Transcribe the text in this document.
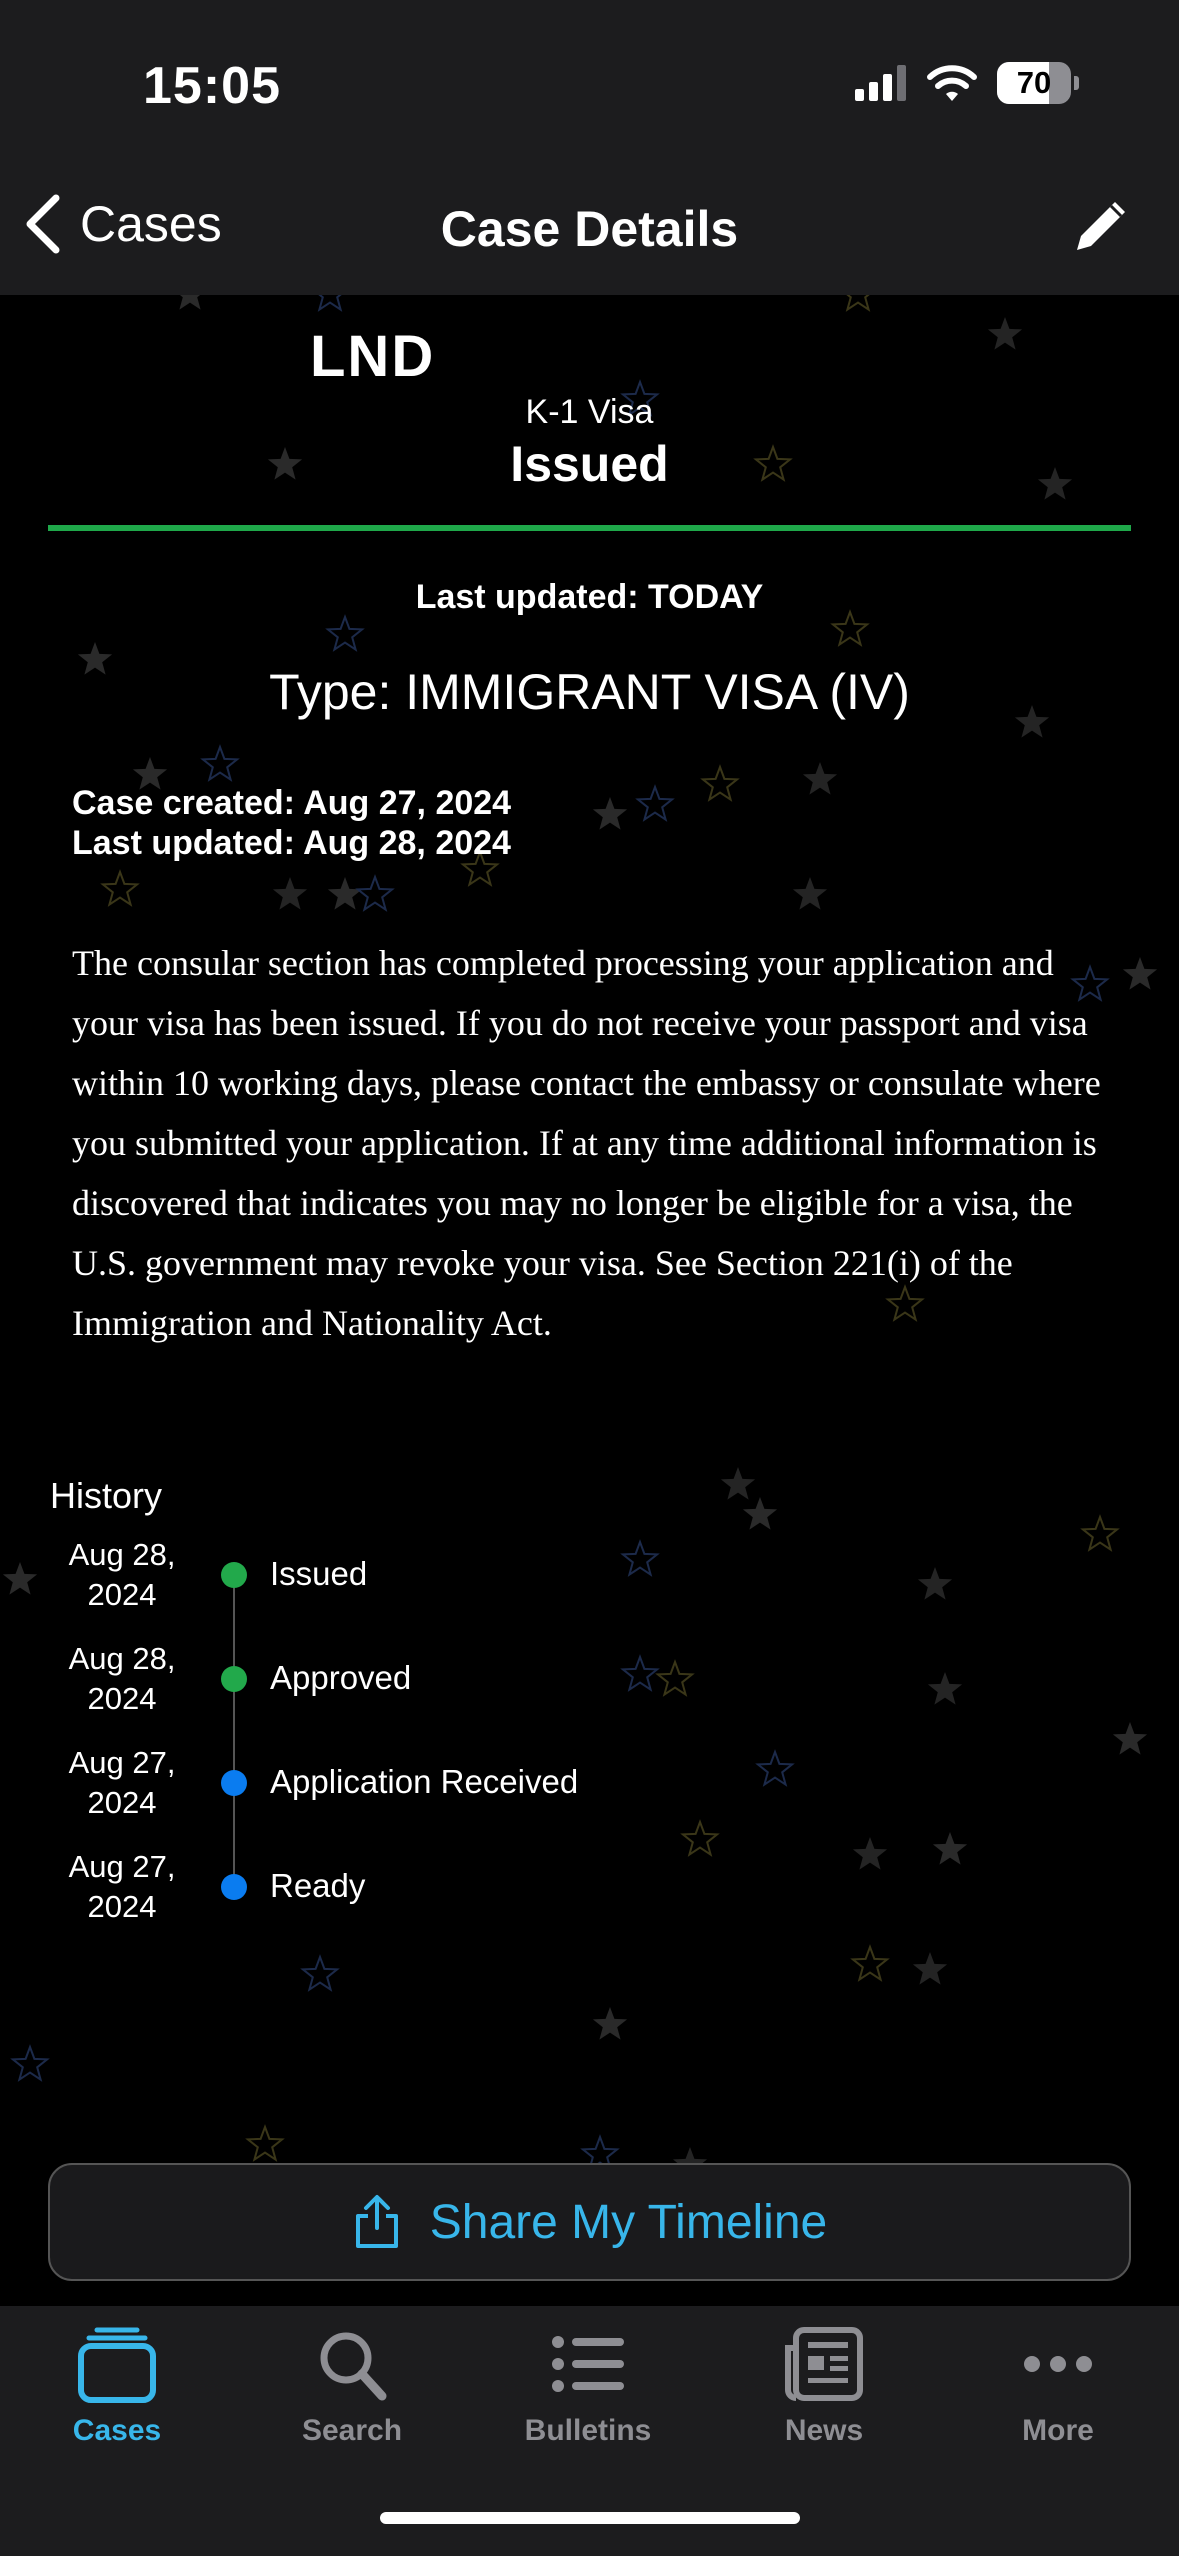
15:05	70
Cases	Case Details
LND
K-1 Visa
Issued
Last updated: TODAY
Type: IMMIGRANT VISA (IV)
Case created: Aug 27, 2024
Last updated: Aug 28, 2024
The consular section has completed processing your application and your visa has been issued. If you do not receive your passport and visa within 10 working days, please contact the embassy or consulate where you submitted your application. If at any time additional information is discovered that indicates you may no longer be eligible for a visa, the U.S. government may revoke your visa. See Section 221(i) of the Immigration and Nationality Act.
History
Aug 28,
2024
Issued
Aug 28,
2024
Approved
Aug 27,
2024
Application Received
Aug 27,
2024
Ready
Share My Timeline
Cases	Search	Bulletins	News	More
